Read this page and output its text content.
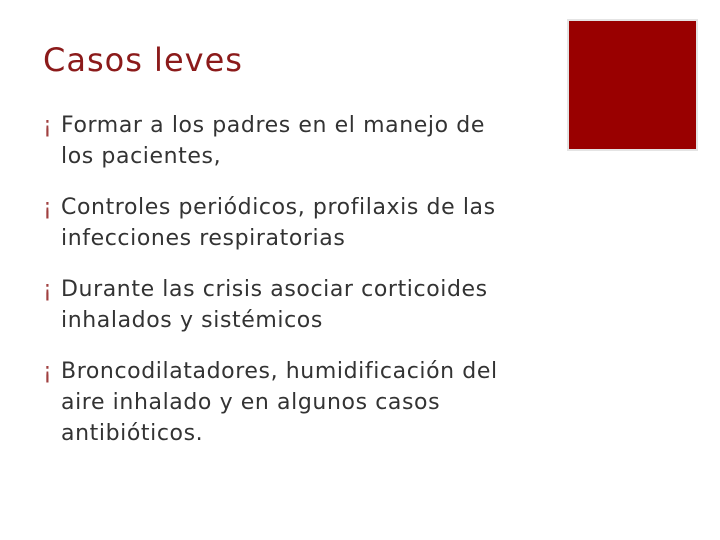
Casos leves
¡ Formar a los padres en el manejo de
los pacientes,
¡ Controles periódicos, profilaxis de las
infecciones respiratorias
¡ Durante las crisis asociar corticoides
inhalados y sistémicos
¡ Broncodilatadores, humidificación del
aire inhalado y en algunos casos
antibióticos.
